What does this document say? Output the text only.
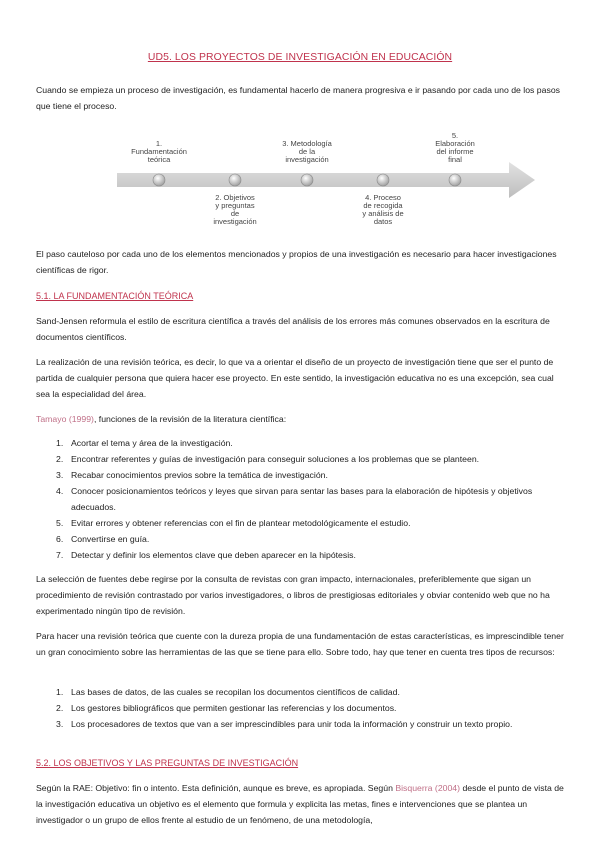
UD5. LOS PROYECTOS DE INVESTIGACIÓN EN EDUCACIÓN
Cuando se empieza un proceso de investigación, es fundamental hacerlo de manera progresiva e ir pasando por cada uno de los pasos que tiene el proceso.
1.
Fundamentación
teórica
3. Metodología
de la
investigación
5.
Elaboración
del informe
final
2. Objetivos
y preguntas
de
investigación
4. Proceso
de recogida
y análisis de
datos
El paso cauteloso por cada uno de los elementos mencionados y propios de una investigación es necesario para hacer investigaciones científicas de rigor.
5.1. LA FUNDAMENTACIÓN TEÓRICA
Sand-Jensen reformula el estilo de escritura científica a través del análisis de los errores más comunes observados en la escritura de documentos científicos.
La realización de una revisión teórica, es decir, lo que va a orientar el diseño de un proyecto de investigación tiene que ser el punto de partida de cualquier persona que quiera hacer ese proyecto. En este sentido, la investigación educativa no es una excepción, sea cual sea la especialidad del área.
Tamayo (1999), funciones de la revisión de la literatura científica:
1. Acortar el tema y área de la investigación.
2. Encontrar referentes y guías de investigación para conseguir soluciones a los problemas que se planteen.
3. Recabar conocimientos previos sobre la temática de investigación.
4. Conocer posicionamientos teóricos y leyes que sirvan para sentar las bases para la elaboración de hipótesis y objetivos adecuados.
5. Evitar errores y obtener referencias con el fin de plantear metodológicamente el estudio.
6. Convertirse en guía.
7. Detectar y definir los elementos clave que deben aparecer en la hipótesis.
La selección de fuentes debe regirse por la consulta de revistas con gran impacto, internacionales, preferiblemente que sigan un procedimiento de revisión contrastado por varios investigadores, o libros de prestigiosas editoriales y obviar contenido web que no ha experimentado ningún tipo de revisión.
Para hacer una revisión teórica que cuente con la dureza propia de una fundamentación de estas características, es imprescindible tener un gran conocimiento sobre las herramientas de las que se tiene para ello. Sobre todo, hay que tener en cuenta tres tipos de recursos:
1. Las bases de datos, de las cuales se recopilan los documentos científicos de calidad.
2. Los gestores bibliográficos que permiten gestionar las referencias y los documentos.
3. Los procesadores de textos que van a ser imprescindibles para unir toda la información y construir un texto propio.
5.2. LOS OBJETIVOS Y LAS PREGUNTAS DE INVESTIGACIÓN
Según la RAE: Objetivo: fin o intento. Esta definición, aunque es breve, es apropiada. Según Bisquerra (2004) desde el punto de vista de la investigación educativa un objetivo es el elemento que formula y explicita las metas, fines e intervenciones que se plantea un investigador o un grupo de ellos frente al estudio de un fenómeno, de una metodología,
